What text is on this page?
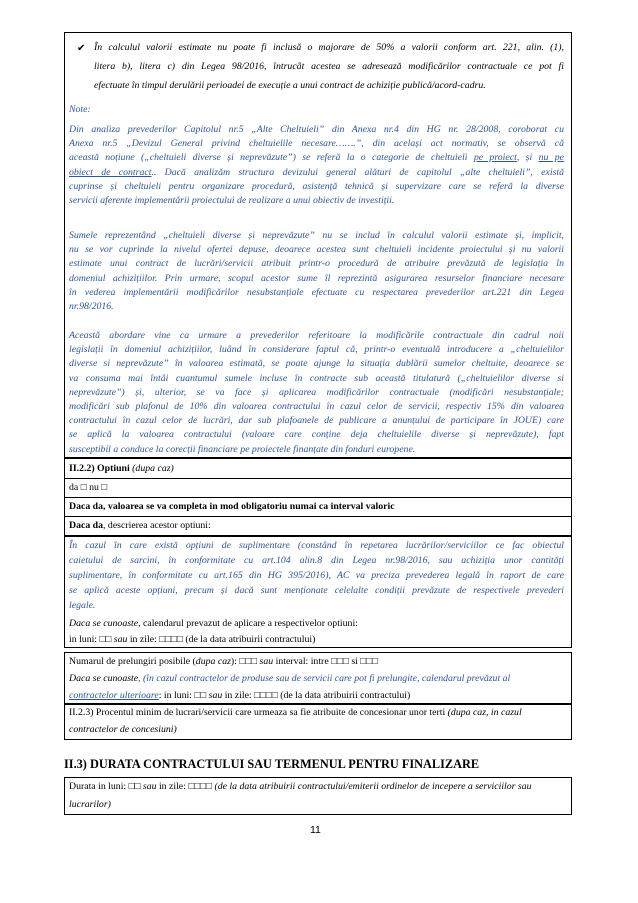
✔ În calculul valorii estimate nu poate fi inclusă o majorare de 50% a valorii conform art. 221, alin. (1),
litera b), litera c) din Legea 98/2016, întrucât acestea se adresează modificărilor contractuale ce pot fi
efectuate în timpul derulării perioadei de execuție a unui contract de achiziție publică/acord-cadru.
Note:
Din analiza prevederilor Capitolul nr.5 „Alte Cheltuieli” din Anexa nr.4 din HG nr. 28/2008, coroborat cu
Anexa nr.5 „Devizul General privind cheltuielile necesare…….”, din același act normativ, se observă că
această noțiune („cheltuieli diverse și neprevăzute”) se referă la o categorie de cheltuieli pe proiect, și nu pe
obiect de contract.. Dacă analizăm structura devizului general alături de capitolul „alte cheltuieli”, există
cuprinse și cheltuieli pentru organizare procedură, asistență tehnică și supervizare care se referă la diverse
servicii aferente implementării proiectului de realizare a unui obiectiv de investiții.
Sumele reprezentând „cheltuieli diverse și neprevăzute” nu se includ în calculul valorii estimate și, implicit,
nu se vor cuprinde la nivelul ofertei depuse, deoarece acestea sunt cheltuieli incidente proiectului și nu valorii
estimate unui contract de lucrări/servicii atribuit printr-o procedură de atribuire prevăzută de legislația în
domeniul achizițiilor. Prin urmare, scopul acestor sume îl reprezintă asigurarea resurselor financiare necesare
în vederea implementării modificărilor nesubstanțiale efectuate cu respectarea prevederilor art.221 din Legea
nr.98/2016.
II.2.2) Optiuni (dupa caz)
da □ nu □
Daca da, valoarea se va completa in mod obligatoriu numai ca interval valoric
Daca da, descrierea acestor optiuni:
În cazul în care există opțiuni de suplimentare (constând în repetarea lucrărilor/serviciilor ce fac obiectul
caietului de sarcini, în conformitate cu art.104 alin.8 din Legea nr.98/2016, sau achiziția unor cantități
suplimentare, în conformitate cu art.165 din HG 395/2016), AC va preciza prevederea legală în raport de care
se aplică aceste opțiuni, precum și dacă sunt menționate celelalte condiții prevăzute de respectivele prevederi
legale.
Daca se cunoaste, calendarul prevazut de aplicare a respectivelor optiuni:
in luni: □□ sau in zile: □□□□ (de la data atribuirii contractului)
Numarul de prelungiri posibile (dupa caz): □□□ sau interval: intre □□□ si □□□
Daca se cunoaste, (în cazul contractelor de produse sau de servicii care pot fi prelungite, calendarul prevăzut al
contractelor ulterioare: in luni: □□ sau in zile: □□□□ (de la data atribuirii contractului)
II.2.3) Procentul minim de lucrari/servicii care urmeaza sa fie atribuite de concesionar unor terti (dupa caz, in cazul
contractelor de concesiuni)
II.3) DURATA CONTRACTULUI SAU TERMENUL PENTRU FINALIZARE
Durata in luni: □□ sau in zile: □□□□ (de la data atribuirii contractului/emiterii ordinelor de incepere a serviciilor sau
lucrarilor)
11
Această abordare vine ca urmare a prevederilor referitoare la modificările contractuale din cadrul noii
legislații în domeniul achizițiilor, luând în considerare faptul că, printr-o eventuală introducere a „cheltuielilor
diverse si neprevăzute” în valoarea estimată, se poate ajunge la situația dublării sumelor cheltuite, deoarece se
va consuma mai întâi cuantumul sumele incluse în contracte sub această titulatură („cheltuielilor diverse si
neprevăzute”) și, ulterior, se va face și aplicarea modificărilor contractuale (modificări nesubstanțiale;
modificări sub plafonul de 10% din valoarea contractului în cazul celor de servicii, respectiv 15% din valoarea
contractului în cazul celor de lucrări, dar sub plafoanele de publicare a anunțului de participare în JOUE) care
se aplică la valoarea contractului (valoare care conține deja cheltuielile diverse și neprevăzute), fapt
susceptibil a conduce la corecții financiare pe proiectele finanțate din fonduri europene.
